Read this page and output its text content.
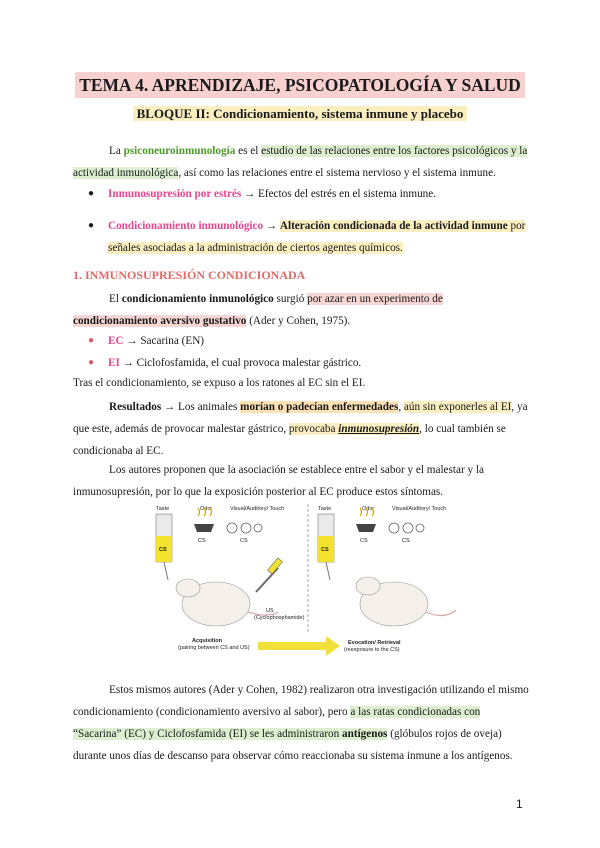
TEMA 4. APRENDIZAJE, PSICOPATOLOGÍA Y SALUD
BLOQUE II: Condicionamiento, sistema inmune y placebo

La psiconeuroinmunología es el estudio de las relaciones entre los factores psicológicos y la actividad inmunológica, así como las relaciones entre el sistema nervioso y el sistema inmune.

● Inmunosupresión por estrés → Efectos del estrés en el sistema inmune.
● Condicionamiento inmunológico → Alteración condicionada de la actividad inmune por señales asociadas a la administración de ciertos agentes químicos.
1. INMUNOSUPRESIÓN CONDICIONADA

El condicionamiento inmunológico surgió por azar en un experimento de condicionamiento aversivo gustativo (Ader y Cohen, 1975).

● EC → Sacarina (EN)
● EI → Ciclofosfamida, el cual provoca malestar gástrico.

Tras el condicionamiento, se expuso a los ratones al EC sin el EI.

Resultados → Los animales morían o padecían enfermedades, aún sin exponerles al EI, ya que este, además de provocar malestar gástrico, provocaba inmunosupresión, lo cual también se condicionaba al EC.

Los autores proponen que la asociación se establece entre el sabor y el malestar y la inmunosupresión, por lo que la exposición posterior al EC produce estos síntomas.

Taste	Odor	Visual/Auditory/ Touch
CS
CS	CS
US
(Cyclophosphamide)
Acquisition
(pairing between CS and US)
Taste	Odor	Visual/Auditory/ Touch
CS
CS	CS
Evocation/ Retrieval
(reexposure to the CS)

Estos mismos autores (Ader y Cohen, 1982) realizaron otra investigación utilizando el mismo condicionamiento (condicionamiento aversivo al sabor), pero a las ratas condicionadas con “Sacarina” (EC) y Ciclofosfamida (EI) se les administraron antígenos (glóbulos rojos de oveja) durante unos días de descanso para observar cómo reaccionaba su sistema inmune a los antígenos.

1
